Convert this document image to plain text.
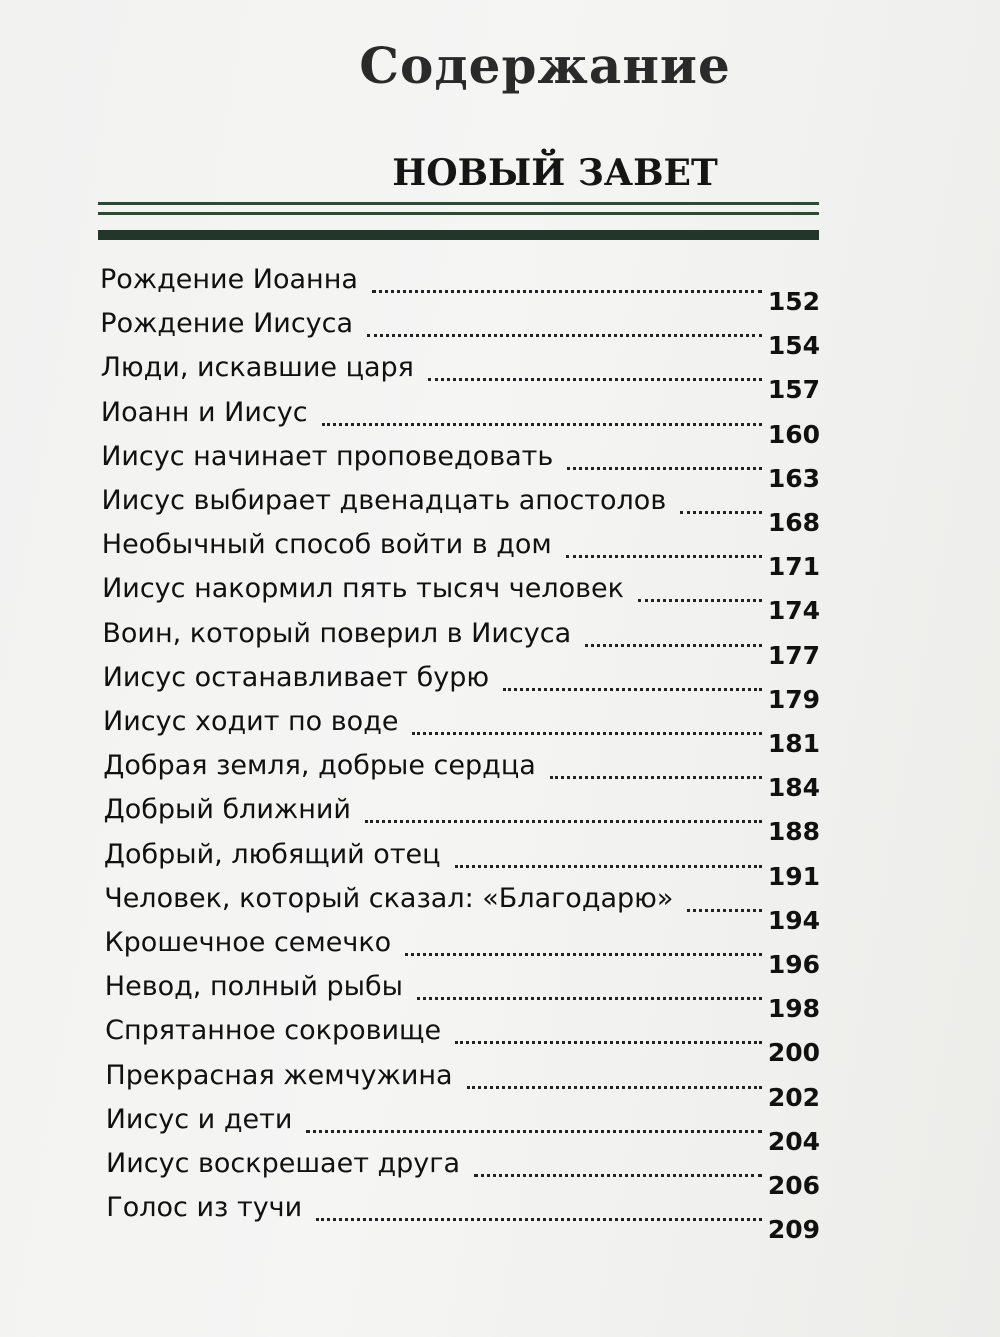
Содержание
НОВЫЙ ЗАВЕТ
Рождение Иоанна
152
Рождение Иисуса
154
Люди, искавшие царя
157
Иоанн и Иисус
160
Иисус начинает проповедовать
163
Иисус выбирает двенадцать апостолов
168
Необычный способ войти в дом
171
Иисус накормил пять тысяч человек
174
Воин, который поверил в Иисуса
177
Иисус останавливает бурю
179
Иисус ходит по воде
181
Добрая земля, добрые сердца
184
Добрый ближний
188
Добрый, любящий отец
191
Человек, который сказал: «Благодарю»
194
Крошечное семечко
196
Невод, полный рыбы
198
Спрятанное сокровище
200
Прекрасная жемчужина
202
Иисус и дети
204
Иисус воскрешает друга
206
Голос из тучи
209
